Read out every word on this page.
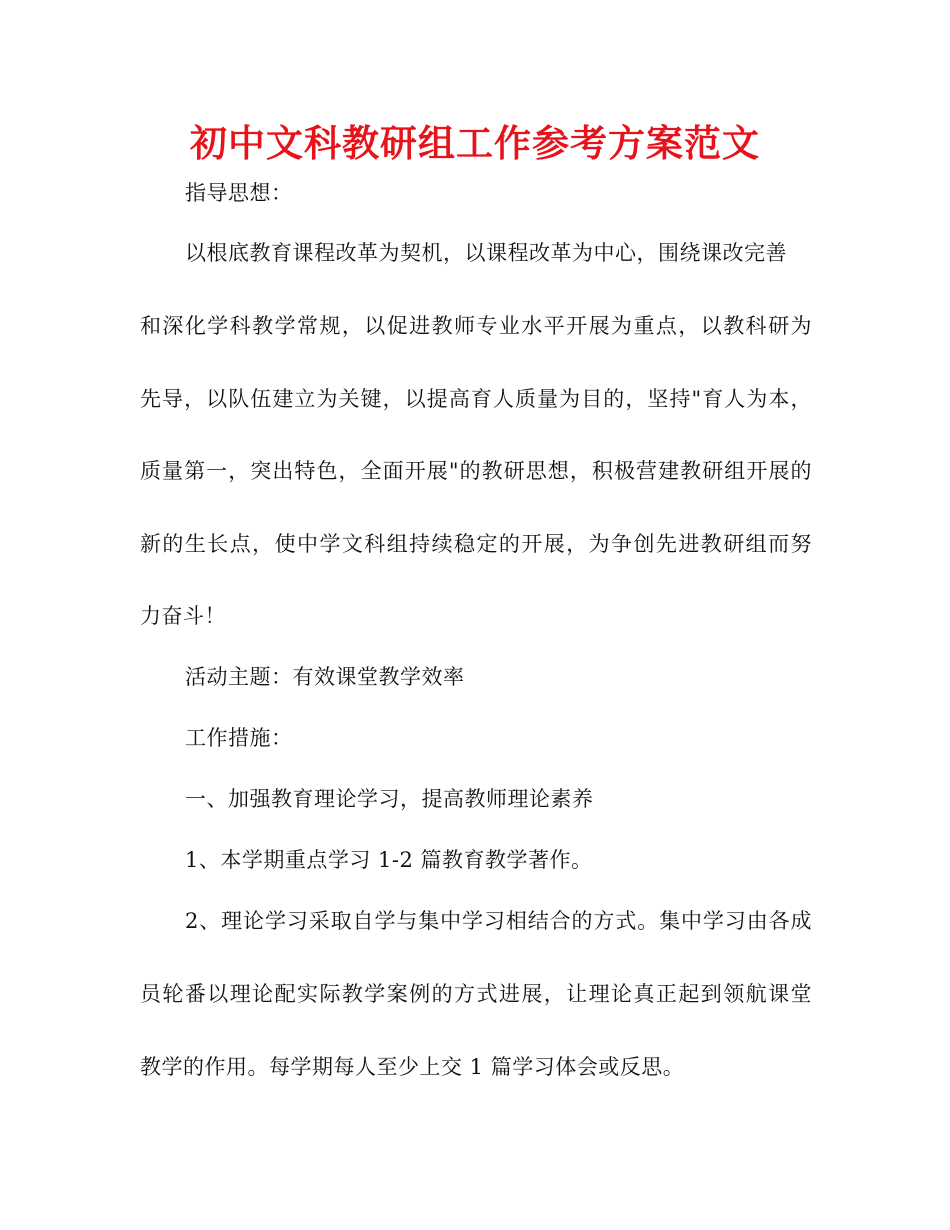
初中文科教研组工作参考方案范文

指导思想：

以根底教育课程改革为契机，以课程改革为中心，围绕课改完善

和深化学科教学常规，以促进教师专业水平开展为重点，以教科研为

先导，以队伍建立为关键，以提高育人质量为目的，坚持"育人为本，

质量第一，突出特色，全面开展"的教研思想，积极营建教研组开展的

新的生长点，使中学文科组持续稳定的开展，为争创先进教研组而努

力奋斗！

活动主题：有效课堂教学效率

工作措施：

一、加强教育理论学习，提高教师理论素养

1、本学期重点学习 1-2 篇教育教学著作。

2、理论学习采取自学与集中学习相结合的方式。集中学习由各成

员轮番以理论配实际教学案例的方式进展，让理论真正起到领航课堂

教学的作用。每学期每人至少上交 1 篇学习体会或反思。
